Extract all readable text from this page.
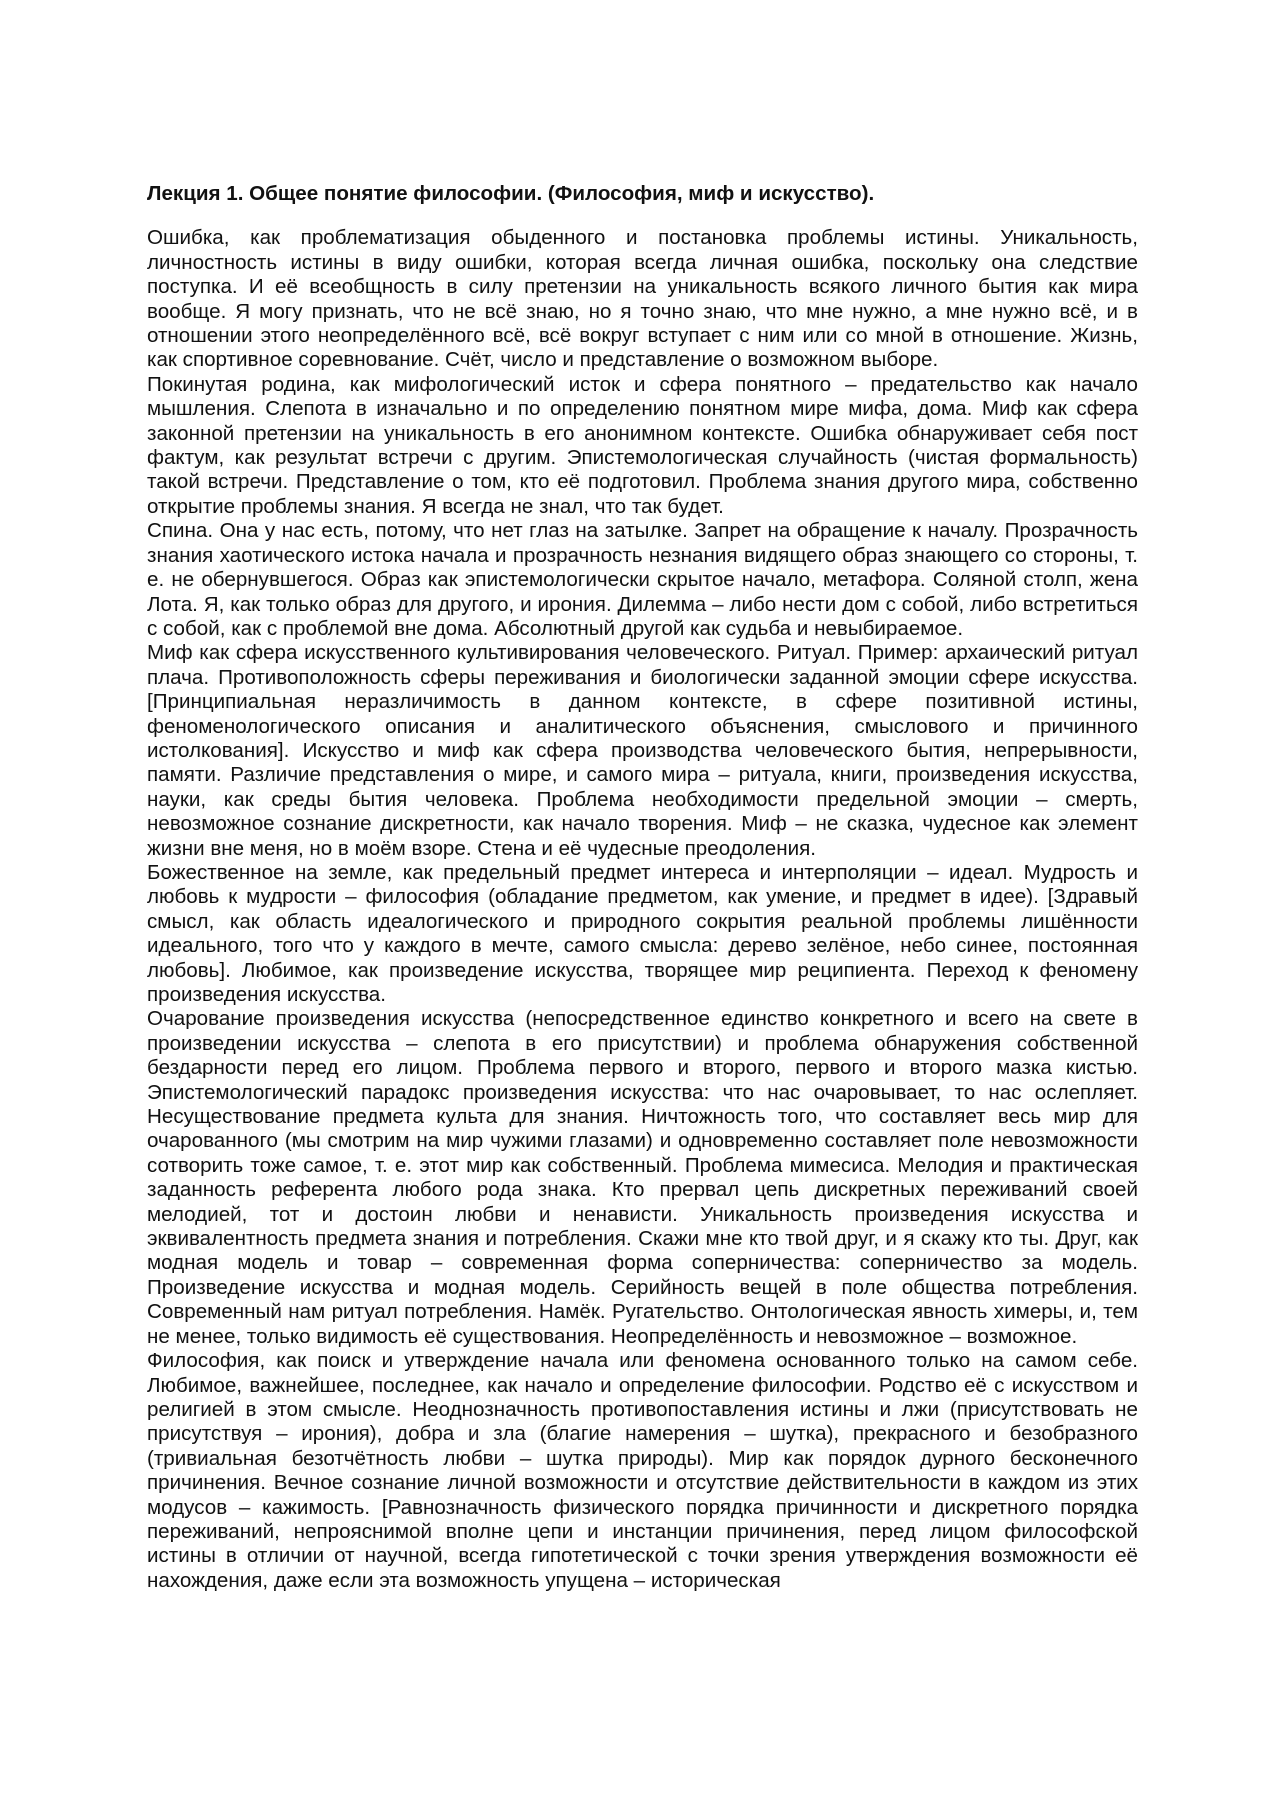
Лекция 1. Общее понятие философии. (Философия, миф и искусство).

Ошибка, как проблематизация обыденного и постановка проблемы истины. Уникальность, личностность истины в виду ошибки, которая всегда личная ошибка, поскольку она следствие поступка. И её всеобщность в силу претензии на уникальность всякого личного бытия как мира вообще. Я могу признать, что не всё знаю, но я точно знаю, что мне нужно, а мне нужно всё, и в отношении этого неопределённого всё, всё вокруг вступает с ним или со мной в отношение. Жизнь, как спортивное соревнование. Счёт, число и представление о возможном выборе.

Покинутая родина, как мифологический исток и сфера понятного – предательство как начало мышления. Слепота в изначально и по определению понятном мире мифа, дома. Миф как сфера законной претензии на уникальность в его анонимном контексте. Ошибка обнаруживает себя пост фактум, как результат встречи с другим. Эпистемологическая случайность (чистая формальность) такой встречи. Представление о том, кто её подготовил. Проблема знания другого мира, собственно открытие проблемы знания. Я всегда не знал, что так будет.

Спина. Она у нас есть, потому, что нет глаз на затылке. Запрет на обращение к началу. Прозрачность знания хаотического истока начала и прозрачность незнания видящего образ знающего со стороны, т. е. не обернувшегося. Образ как эпистемологически скрытое начало, метафора. Соляной столп, жена Лота. Я, как только образ для другого, и ирония. Дилемма – либо нести дом с собой, либо встретиться с собой, как с проблемой вне дома. Абсолютный другой как судьба и невыбираемое.

Миф как сфера искусственного культивирования человеческого. Ритуал. Пример: архаический ритуал плача. Противоположность сферы переживания и биологически заданной эмоции сфере искусства. [Принципиальная неразличимость в данном контексте, в сфере позитивной истины, феноменологического описания и аналитического объяснения, смыслового и причинного истолкования]. Искусство и миф как сфера производства человеческого бытия, непрерывности, памяти. Различие представления о мире, и самого мира – ритуала, книги, произведения искусства, науки, как среды бытия человека. Проблема необходимости предельной эмоции – смерть, невозможное сознание дискретности, как начало творения. Миф – не сказка, чудесное как элемент жизни вне меня, но в моём взоре. Стена и её чудесные преодоления.

Божественное на земле, как предельный предмет интереса и интерполяции – идеал. Мудрость и любовь к мудрости – философия (обладание предметом, как умение, и предмет в идее). [Здравый смысл, как область идеалогического и природного сокрытия реальной проблемы лишённости идеального, того что у каждого в мечте, самого смысла: дерево зелёное, небо синее, постоянная любовь]. Любимое, как произведение искусства, творящее мир реципиента. Переход к феномену произведения искусства.

Очарование произведения искусства (непосредственное единство конкретного и всего на свете в произведении искусства – слепота в его присутствии) и проблема обнаружения собственной бездарности перед его лицом. Проблема первого и второго, первого и второго мазка кистью. Эпистемологический парадокс произведения искусства: что нас очаровывает, то нас ослепляет. Несуществование предмета культа для знания. Ничтожность того, что составляет весь мир для очарованного (мы смотрим на мир чужими глазами) и одновременно составляет поле невозможности сотворить тоже самое, т. е. этот мир как собственный. Проблема мимесиса. Мелодия и практическая заданность референта любого рода знака. Кто прервал цепь дискретных переживаний своей мелодией, тот и достоин любви и ненависти. Уникальность произведения искусства и эквивалентность предмета знания и потребления. Скажи мне кто твой друг, и я скажу кто ты. Друг, как модная модель и товар – современная форма соперничества: соперничество за модель. Произведение искусства и модная модель. Серийность вещей в поле общества потребления. Современный нам ритуал потребления. Намёк. Ругательство. Онтологическая явность химеры, и, тем не менее, только видимость её существования. Неопределённость и невозможное – возможное.

Философия, как поиск и утверждение начала или феномена основанного только на самом себе. Любимое, важнейшее, последнее, как начало и определение философии. Родство её с искусством и религией в этом смысле. Неоднозначность противопоставления истины и лжи (присутствовать не присутствуя – ирония), добра и зла (благие намерения – шутка), прекрасного и безобразного (тривиальная безотчётность любви – шутка природы). Мир как порядок дурного бесконечного причинения. Вечное сознание личной возможности и отсутствие действительности в каждом из этих модусов – кажимость. [Равнозначность физического порядка причинности и дискретного порядка переживаний, непрояснимой вполне цепи и инстанции причинения, перед лицом философской истины в отличии от научной, всегда гипотетической с точки зрения утверждения возможности её нахождения, даже если эта возможность упущена – историческая
